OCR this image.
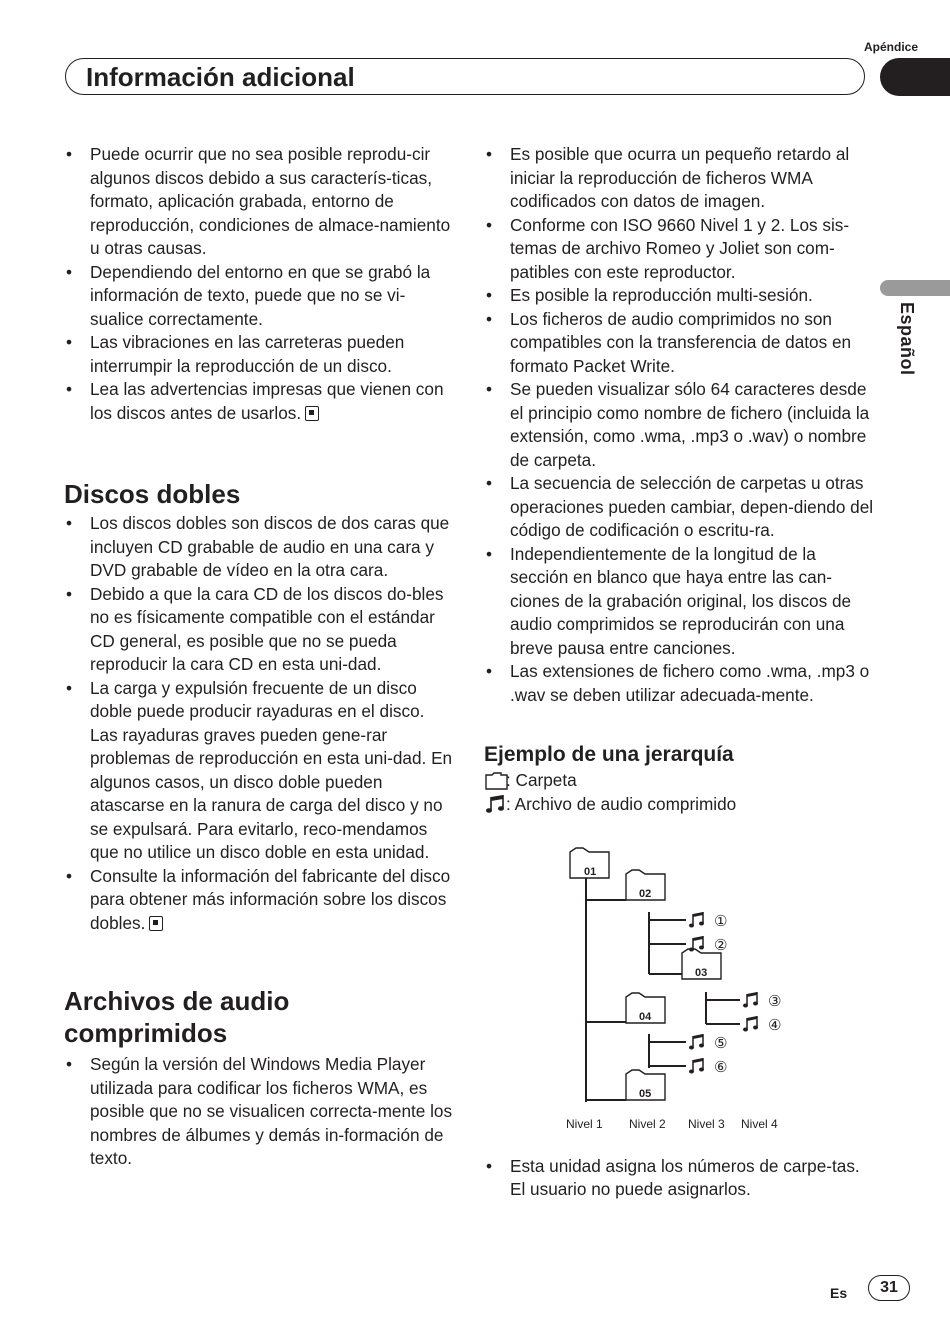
Apéndice
Información adicional
Español
• Puede ocurrir que no sea posible reprodu-cir algunos discos debido a sus caracterís-ticas, formato, aplicación grabada, entorno de reproducción, condiciones de almace-namiento u otras causas.
• Dependiendo del entorno en que se grabó la información de texto, puede que no se vi-sualice correctamente.
• Las vibraciones en las carreteras pueden interrumpir la reproducción de un disco.
• Lea las advertencias impresas que vienen con los discos antes de usarlos.
Discos dobles
• Los discos dobles son discos de dos caras que incluyen CD grabable de audio en una cara y DVD grabable de vídeo en la otra cara.
• Debido a que la cara CD de los discos do-bles no es físicamente compatible con el estándar CD general, es posible que no se pueda reproducir la cara CD en esta uni-dad.
• La carga y expulsión frecuente de un disco doble puede producir rayaduras en el disco. Las rayaduras graves pueden gene-rar problemas de reproducción en esta uni-dad. En algunos casos, un disco doble pueden atascarse en la ranura de carga del disco y no se expulsará. Para evitarlo, reco-mendamos que no utilice un disco doble en esta unidad.
• Consulte la información del fabricante del disco para obtener más información sobre los discos dobles.
Archivos de audio comprimidos
• Según la versión del Windows Media Player utilizada para codificar los ficheros WMA, es posible que no se visualicen correcta-mente los nombres de álbumes y demás in-formación de texto.
• Es posible que ocurra un pequeño retardo al iniciar la reproducción de ficheros WMA codificados con datos de imagen.
• Conforme con ISO 9660 Nivel 1 y 2. Los sis-temas de archivo Romeo y Joliet son com-patibles con este reproductor.
• Es posible la reproducción multi-sesión.
• Los ficheros de audio comprimidos no son compatibles con la transferencia de datos en formato Packet Write.
• Se pueden visualizar sólo 64 caracteres desde el principio como nombre de fichero (incluida la extensión, como .wma, .mp3 o .wav) o nombre de carpeta.
• La secuencia de selección de carpetas u otras operaciones pueden cambiar, depen-diendo del código de codificación o escritu-ra.
• Independientemente de la longitud de la sección en blanco que haya entre las can-ciones de la grabación original, los discos de audio comprimidos se reproducirán con una breve pausa entre canciones.
• Las extensiones de fichero como .wma, .mp3 o .wav se deben utilizar adecuada-mente.
Ejemplo de una jerarquía
: Carpeta
: Archivo de audio comprimido
01
02
03
04
05
①
②
③
④
⑤
⑥
Nivel 1 Nivel 2 Nivel 3 Nivel 4
• Esta unidad asigna los números de carpe-tas. El usuario no puede asignarlos.
Es	31
